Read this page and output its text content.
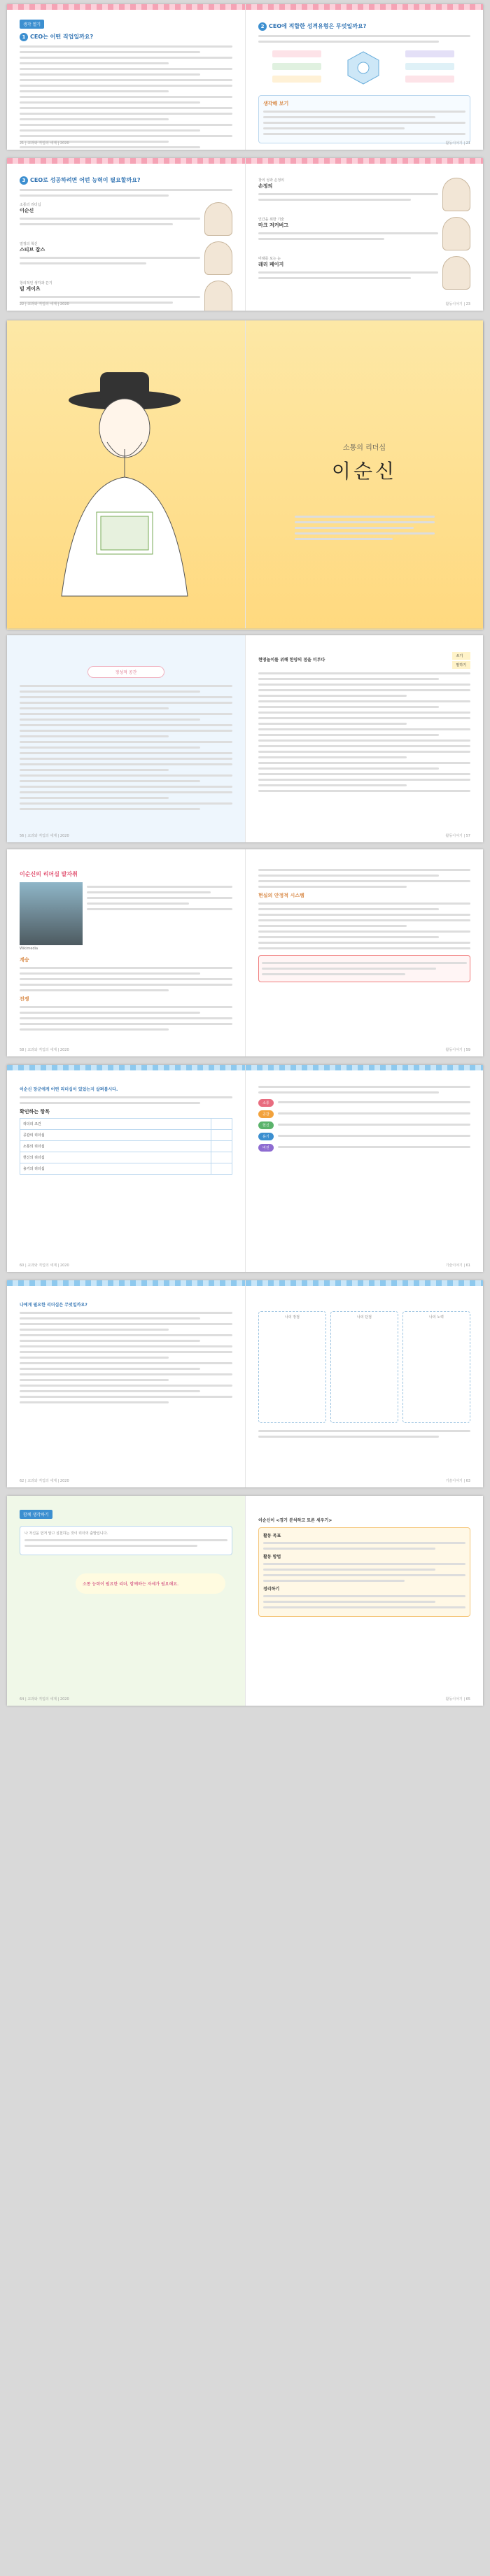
생각 열기
1 CEO는 어떤 직업일까요?
21 | 교과와 직업의 세계 | 2020
2 CEO에 적합한 성격유형은 무엇일까요?
생각해 보기
활동이야기 | 21
3 CEO로 성공하려면 어떤 능력이 필요할까요?
소통의 리더십
이순신
열정의 혁신
스티브 잡스
창의적인 생각과 끈기
빌 게이츠
22 | 교과와 직업의 세계 | 2020
창의 성과 손정의
손정의
인간을 위한 기술
마크 저커버그
미래를 보는 눈
래리 페이지
활동이야기 | 23
소통의 리더십
이순신
정성적 공간
56 | 교과와 직업의 세계 | 2020
현명놀이를 위해 한양의 점을 미루다
쓰기
말하기
활동이야기 | 57
이순신의 리더십 발자취
Wikimedia
계승
전쟁
58 | 교과와 직업의 세계 | 2020
현실의 안정적 시스템
활동이야기 | 59
이순신 장군에게 어떤 리더십이 있었는지 살펴봅시다.
확인하는 항목
리더의 조건
공감의 리더십
소통의 리더십
헌신의 리더십
용기의 리더십
60 | 교과와 직업의 세계 | 2020
소통
공감
헌신
용기
비전
기술이야기 | 61
나에게 필요한 리더십은 무엇일까요?
62 | 교과와 직업의 세계 | 2020
나의 장점	나의 단점	나의 노력
기술이야기 | 63
함께 생각하기
나 자신을 먼저 알고 실천하는 것이 리더의 출발입니다.
소통 능력이 필요한 리더, 함께하는 자세가 필요해요.
64 | 교과와 직업의 세계 | 2020
이순신이 <경기 분석하고 토론 세우기>
활동 목표
활동 방법
정리하기
활동이야기 | 65
